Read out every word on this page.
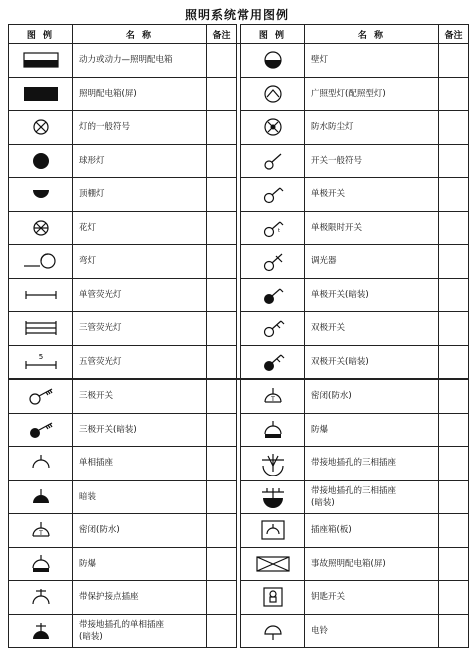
照明系统常用图例
图 例	名 称	备注		图 例	名 称	备注

	动力或动力—照明配电箱				壁灯	

	照明配电箱(屏)				广照型灯(配照型灯)	

	灯的一般符号				防水防尘灯	

	球形灯				开关一般符号	

	顶棚灯				单极开关	

	花灯			t	单极限时开关	

	弯灯				调光器	

	单管荧光灯				单极开关(暗装)	

	三管荧光灯				双极开关	

5	五管荧光灯				双极开关(暗装)	

	三极开关			T	密闭(防水)	

	三极开关(暗装)				防爆	

	单相插座				带接地插孔的三相插座	

	暗装				带接地插孔的三相插座
(暗装)	

T	密闭(防水)				插座箱(板)	

	防爆				事故照明配电箱(屏)	

	带保护接点插座				钥匙开关	

	带接地插孔的单相插座
(暗装)				电铃	
